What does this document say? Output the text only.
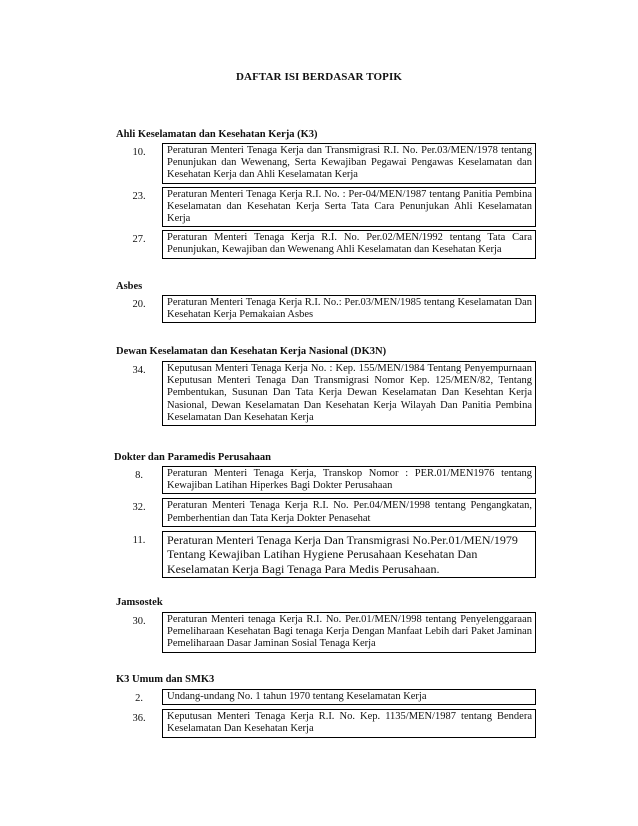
DAFTAR ISI BERDASAR TOPIK
Ahli Keselamatan dan Kesehatan Kerja (K3)
10.	Peraturan Menteri Tenaga Kerja dan Transmigrasi R.I. No. Per.03/MEN/1978 tentang Penunjukan dan Wewenang, Serta Kewajiban Pegawai Pengawas Keselamatan dan Kesehatan Kerja dan Ahli Keselamatan Kerja
23.	Peraturan Menteri Tenaga Kerja R.I. No. : Per-04/MEN/1987 tentang Panitia Pembina Keselamatan dan Kesehatan Kerja Serta Tata Cara Penunjukan Ahli Keselamatan Kerja
27.	Peraturan Menteri Tenaga Kerja R.I. No. Per.02/MEN/1992 tentang Tata Cara Penunjukan, Kewajiban dan Wewenang Ahli Keselamatan dan Kesehatan Kerja
Asbes
20.	Peraturan Menteri Tenaga Kerja R.I. No.: Per.03/MEN/1985 tentang Keselamatan Dan Kesehatan Kerja Pemakaian Asbes
Dewan Keselamatan dan Kesehatan Kerja Nasional (DK3N)
34.	Keputusan Menteri Tenaga Kerja No. : Kep. 155/MEN/1984 Tentang Penyempurnaan Keputusan Menteri Tenaga Dan Transmigrasi Nomor Kep. 125/MEN/82, Tentang Pembentukan, Susunan Dan Tata Kerja Dewan Keselamatan Dan Kesehtan Kerja Nasional, Dewan Keselamatan Dan Kesehatan Kerja Wilayah Dan Panitia Pembina Keselamatan Dan Kesehatan Kerja
Dokter dan Paramedis Perusahaan
8.	Peraturan Menteri Tenaga Kerja, Transkop Nomor : PER.01/MEN1976 tentang Kewajiban Latihan Hiperkes Bagi Dokter Perusahaan
32.	Peraturan Menteri Tenaga Kerja R.I. No. Per.04/MEN/1998 tentang Pengangkatan, Pemberhentian dan Tata Kerja Dokter Penasehat
11.	Peraturan Menteri Tenaga Kerja Dan Transmigrasi No.Per.01/MEN/1979 Tentang Kewajiban Latihan Hygiene Perusahaan Kesehatan Dan Keselamatan Kerja Bagi Tenaga Para Medis Perusahaan.
Jamsostek
30.	Peraturan Menteri tenaga Kerja R.I. No. Per.01/MEN/1998 tentang Penyelenggaraan Pemeliharaan Kesehatan Bagi tenaga Kerja Dengan Manfaat Lebih dari Paket Jaminan Pemeliharaan Dasar Jaminan Sosial Tenaga Kerja
K3 Umum dan SMK3
2.	Undang-undang No. 1 tahun 1970 tentang Keselamatan Kerja
36.	Keputusan Menteri Tenaga Kerja R.I. No. Kep. 1135/MEN/1987 tentang Bendera Keselamatan Dan Kesehatan Kerja
